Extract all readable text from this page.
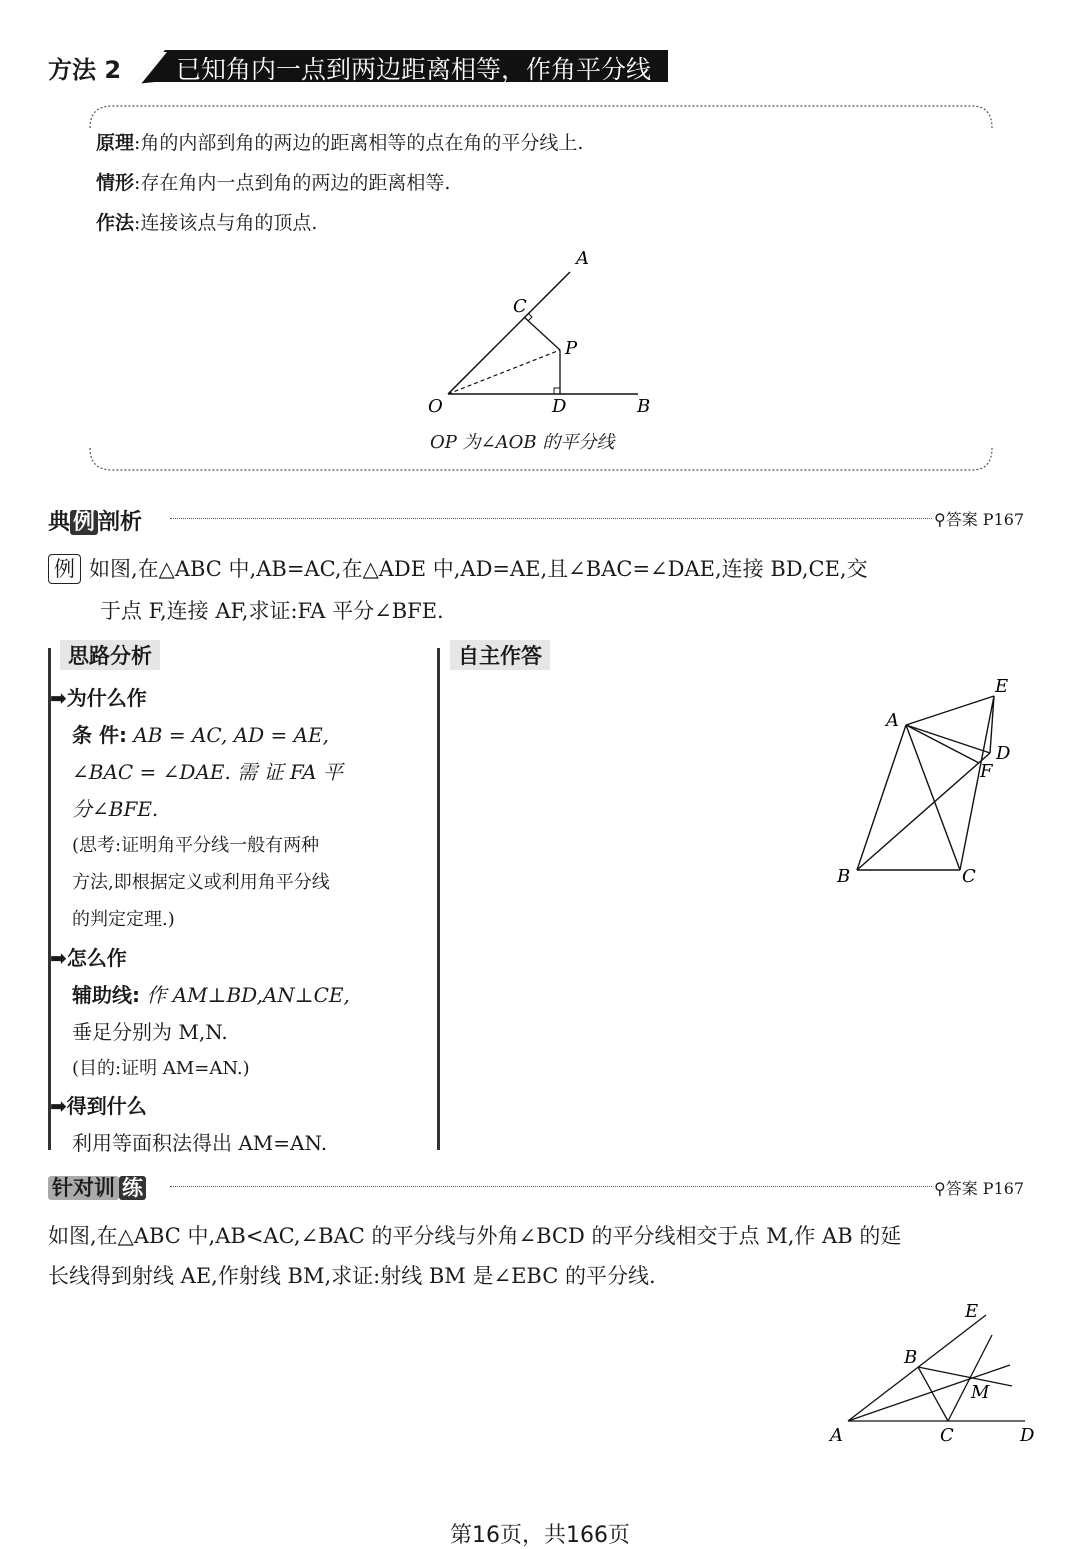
方法 2 已知角内一点到两边距离相等，作角平分线
原理:角的内部到角的两边的距离相等的点在角的平分线上.
情形:存在角内一点到角的两边的距离相等.
作法:连接该点与角的顶点.
A
C
P
O	D	B
OP 为∠AOB 的平分线
典 例 剖析	⚲答案 P167
例 如图,在△ABC 中,AB=AC,在△ADE 中,AD=AE,且∠BAC=∠DAE,连接 BD,CE,交
于点 F,连接 AF,求证:FA 平分∠BFE.
思路分析	自主作答
➡为什么作
条 件: AB = AC, AD = AE,
∠BAC = ∠DAE. 需 证 FA 平
分∠BFE.
(思考:证明角平分线一般有两种
方法,即根据定义或利用角平分线
的判定定理.)
➡怎么作
辅助线: 作 AM⊥BD,AN⊥CE,
垂足分别为 M,N.
(目的:证明 AM=AN.)
➡得到什么
利用等面积法得出 AM=AN.
E
A
D
F
B	C
针对训 练	⚲答案 P167
如图,在△ABC 中,AB<AC,∠BAC 的平分线与外角∠BCD 的平分线相交于点 M,作 AB 的延
长线得到射线 AE,作射线 BM,求证:射线 BM 是∠EBC 的平分线.
E
B
M
A	C	D
第16页，共166页
